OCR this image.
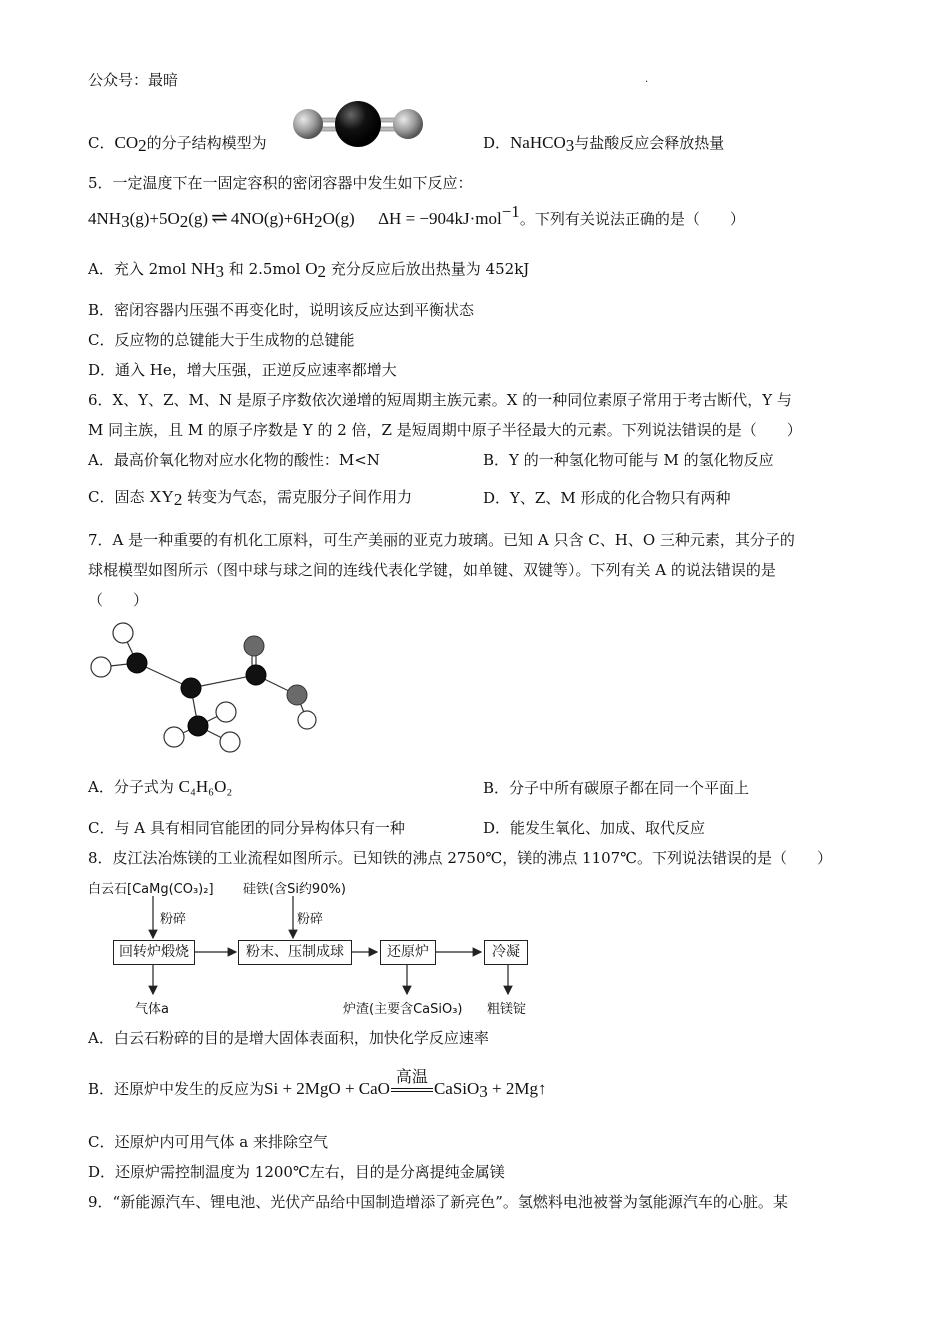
公众号：最暗	.
C．$CO_2$的分子结构模型为	D．NaHCO$_3$与盐酸反应会释放热量
5．一定温度下在一固定容积的密闭容器中发生如下反应：
$4NH_3(g)+5O_2(g)$ ⇌ $4NO(g)+6H_2O(g) \Delta H = -904kJ\cdot mol^{-1}$。下列有关说法正确的是（　　）
A．充入 2mol $NH_3$ 和 2.5mol $O_2$ 充分反应后放出热量为 452kJ
B．密闭容器内压强不再变化时，说明该反应达到平衡状态
C．反应物的总键能大于生成物的总键能
D．通入 He，增大压强，正逆反应速率都增大
6．X、Y、Z、M、N 是原子序数依次递增的短周期主族元素。X 的一种同位素原子常用于考古断代，Y 与
M 同主族，且 M 的原子序数是 Y 的 2 倍，Z 是短周期中原子半径最大的元素。下列说法错误的是（　　）
A．最高价氧化物对应水化物的酸性：M<N	B．Y 的一种氢化物可能与 M 的氢化物反应
C．固态 $XY_2$ 转变为气态，需克服分子间作用力	D．Y、Z、M 形成的化合物只有两种
7．A 是一种重要的有机化工原料，可生产美丽的亚克力玻璃。已知 A 只含 C、H、O 三种元素，其分子的
球棍模型如图所示（图中球与球之间的连线代表化学键，如单键、双键等）。下列有关 A 的说法错误的是
（　　）
A．分子式为 C₄H₆O₂	B．分子中所有碳原子都在同一个平面上
C．与 A 具有相同官能团的同分异构体只有一种	D．能发生氧化、加成、取代反应
8．皮江法冶炼镁的工业流程如图所示。已知铁的沸点 2750℃，镁的沸点 1107℃。下列说法错误的是（　　）
白云石[CaMg(CO₃)₂] 硅铁(含Si约90%)
粉碎	粉碎
回转炉煅烧	粉末、压制成球	还原炉	冷凝
气体a	炉渣(主要含CaSiO₃) 粗镁锭
A．白云石粉碎的目的是增大固体表面积，加快化学反应速率
B．还原炉中发生的反应为Si + 2MgO + CaO
高温
CaSiO$_3$ + 2Mg↑
C．还原炉内可用气体 a 来排除空气
D．还原炉需控制温度为 1200℃左右，目的是分离提纯金属镁
9．“新能源汽车、锂电池、光伏产品给中国制造增添了新亮色”。氢燃料电池被誉为氢能源汽车的心脏。某
